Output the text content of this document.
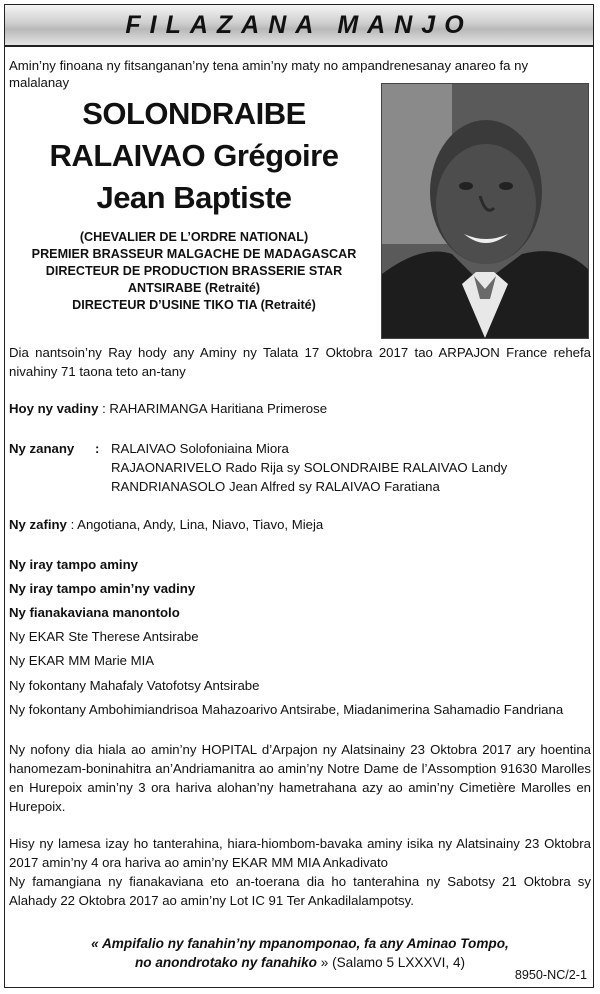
FILAZANA MANJO
Amin’ny finoana ny fitsanganan’ny tena amin’ny maty no ampandrenesanay anareo fa ny malalanay
SOLONDRAIBE
RALAIVAO Grégoire
Jean Baptiste
(CHEVALIER DE L’ORDRE NATIONAL)
PREMIER BRASSEUR MALGACHE DE MADAGASCAR
DIRECTEUR DE PRODUCTION BRASSERIE STAR
ANTSIRABE (Retraité)
DIRECTEUR D’USINE TIKO TIA (Retraité)
Dia nantsoin’ny Ray hody any Aminy ny Talata 17 Oktobra 2017 tao ARPAJON France rehefa nivahiny 71 taona teto an-tany
Hoy ny vadiny : RAHARIMANGA Haritiana Primerose
Ny zanany	: RALAIVAO Solofoniaina Miora
RAJAONARIVELO Rado Rija sy SOLONDRAIBE RALAIVAO Landy
RANDRIANASOLO Jean Alfred sy RALAIVAO Faratiana
Ny zafiny : Angotiana, Andy, Lina, Niavo, Tiavo, Mieja
Ny iray tampo aminy
Ny iray tampo amin’ny vadiny
Ny fianakaviana manontolo
Ny EKAR Ste Therese Antsirabe
Ny EKAR MM Marie MIA
Ny fokontany Mahafaly Vatofotsy Antsirabe
Ny fokontany Ambohimiandrisoa Mahazoarivo Antsirabe, Miadanimerina Sahamadio Fandriana
Ny nofony dia hiala ao amin’ny HOPITAL d’Arpajon ny Alatsinainy 23 Oktobra 2017 ary hoentina hanomezam-boninahitra an’Andriamanitra ao amin’ny Notre Dame de l’Assomption 91630 Marolles en Hurepoix amin’ny 3 ora hariva alohan’ny hametrahana azy ao amin’ny Cimetière Marolles en Hurepoix.
Hisy ny lamesa izay ho tanterahina, hiara-hiombom-bavaka aminy isika ny Alatsinainy 23 Oktobra 2017 amin’ny 4 ora hariva ao amin’ny EKAR MM MIA Ankadivato
Ny famangiana ny fianakaviana eto an-toerana dia ho tanterahina ny Sabotsy 21 Oktobra sy Alahady 22 Oktobra 2017 ao amin’ny Lot IC 91 Ter Ankadilalampotsy.
« Ampifalio ny fanahin’ny mpanomponao, fa any Aminao Tompo,
no anondrotako ny fanahiko » (Salamo 5 LXXXVI, 4)
8950-NC/2-1
